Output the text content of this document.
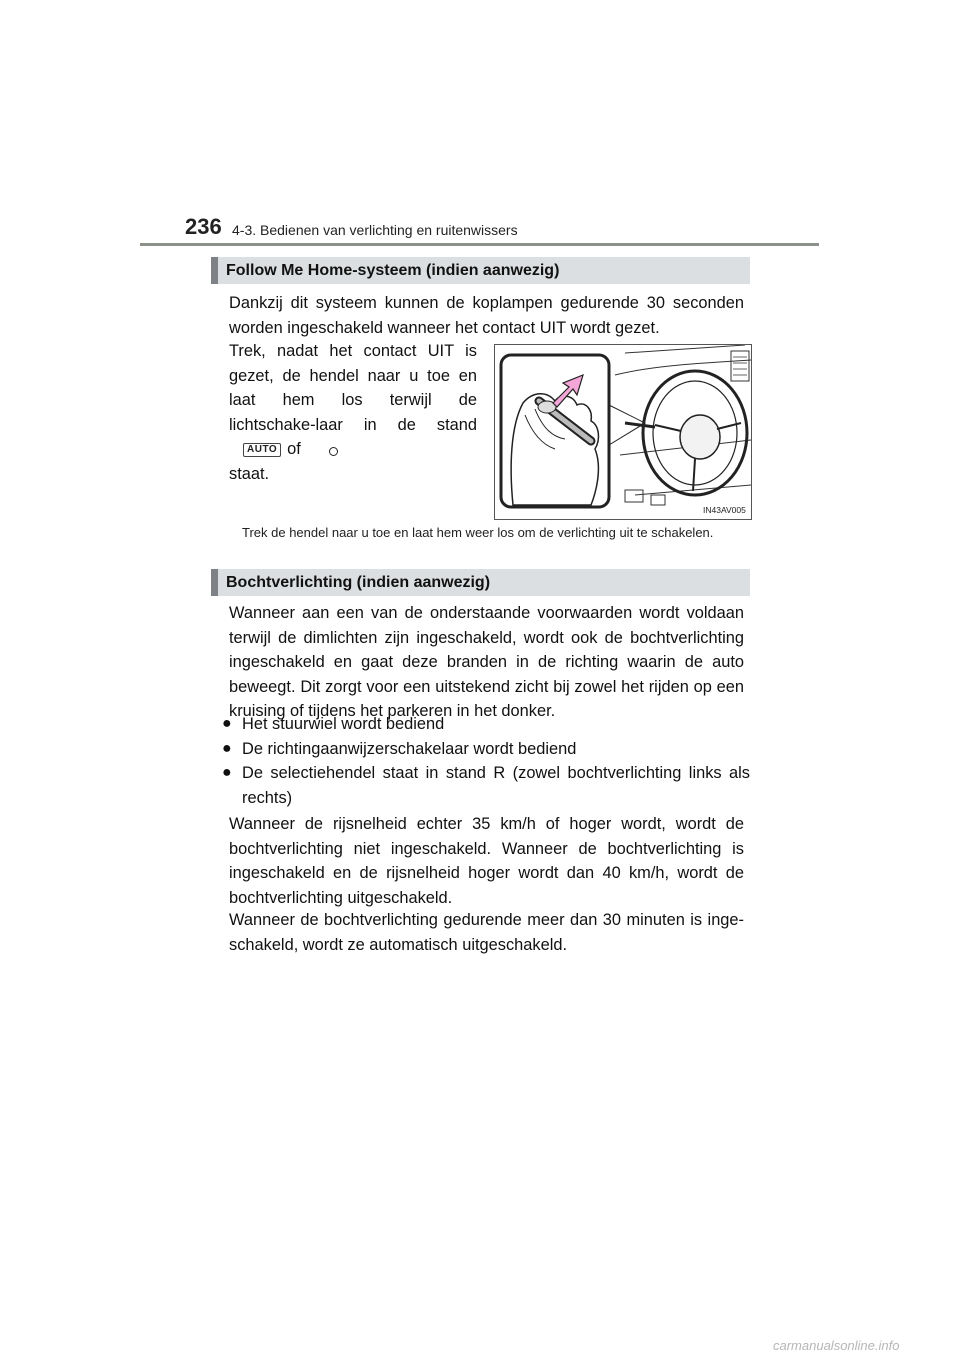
236 4-3. Bedienen van verlichting en ruitenwissers
Follow Me Home-systeem (indien aanwezig)
Dankzij dit systeem kunnen de koplampen gedurende 30 seconden worden ingeschakeld wanneer het contact UIT wordt gezet.
Trek, nadat het contact UIT is gezet, de hendel naar u toe en laat hem los terwijl de lichtschake-laar in de standAUTO of
staat.
IN43AV005
Trek de hendel naar u toe en laat hem weer los om de verlichting uit te schakelen.
Bochtverlichting (indien aanwezig)
Wanneer aan een van de onderstaande voorwaarden wordt voldaan terwijl de dimlichten zijn ingeschakeld, wordt ook de bochtverlichting ingeschakeld en gaat deze branden in de richting waarin de auto beweegt. Dit zorgt voor een uitstekend zicht bij zowel het rijden op een kruising of tijdens het parkeren in het donker.
● Het stuurwiel wordt bediend
● De richtingaanwijzerschakelaar wordt bediend
● De selectiehendel staat in stand R (zowel bochtverlichting links als rechts)
Wanneer de rijsnelheid echter 35 km/h of hoger wordt, wordt de bochtverlichting niet ingeschakeld. Wanneer de bochtverlichting is ingeschakeld en de rijsnelheid hoger wordt dan 40 km/h, wordt de bochtverlichting uitgeschakeld.
Wanneer de bochtverlichting gedurende meer dan 30 minuten is inge-schakeld, wordt ze automatisch uitgeschakeld.
carmanualsonline.info
